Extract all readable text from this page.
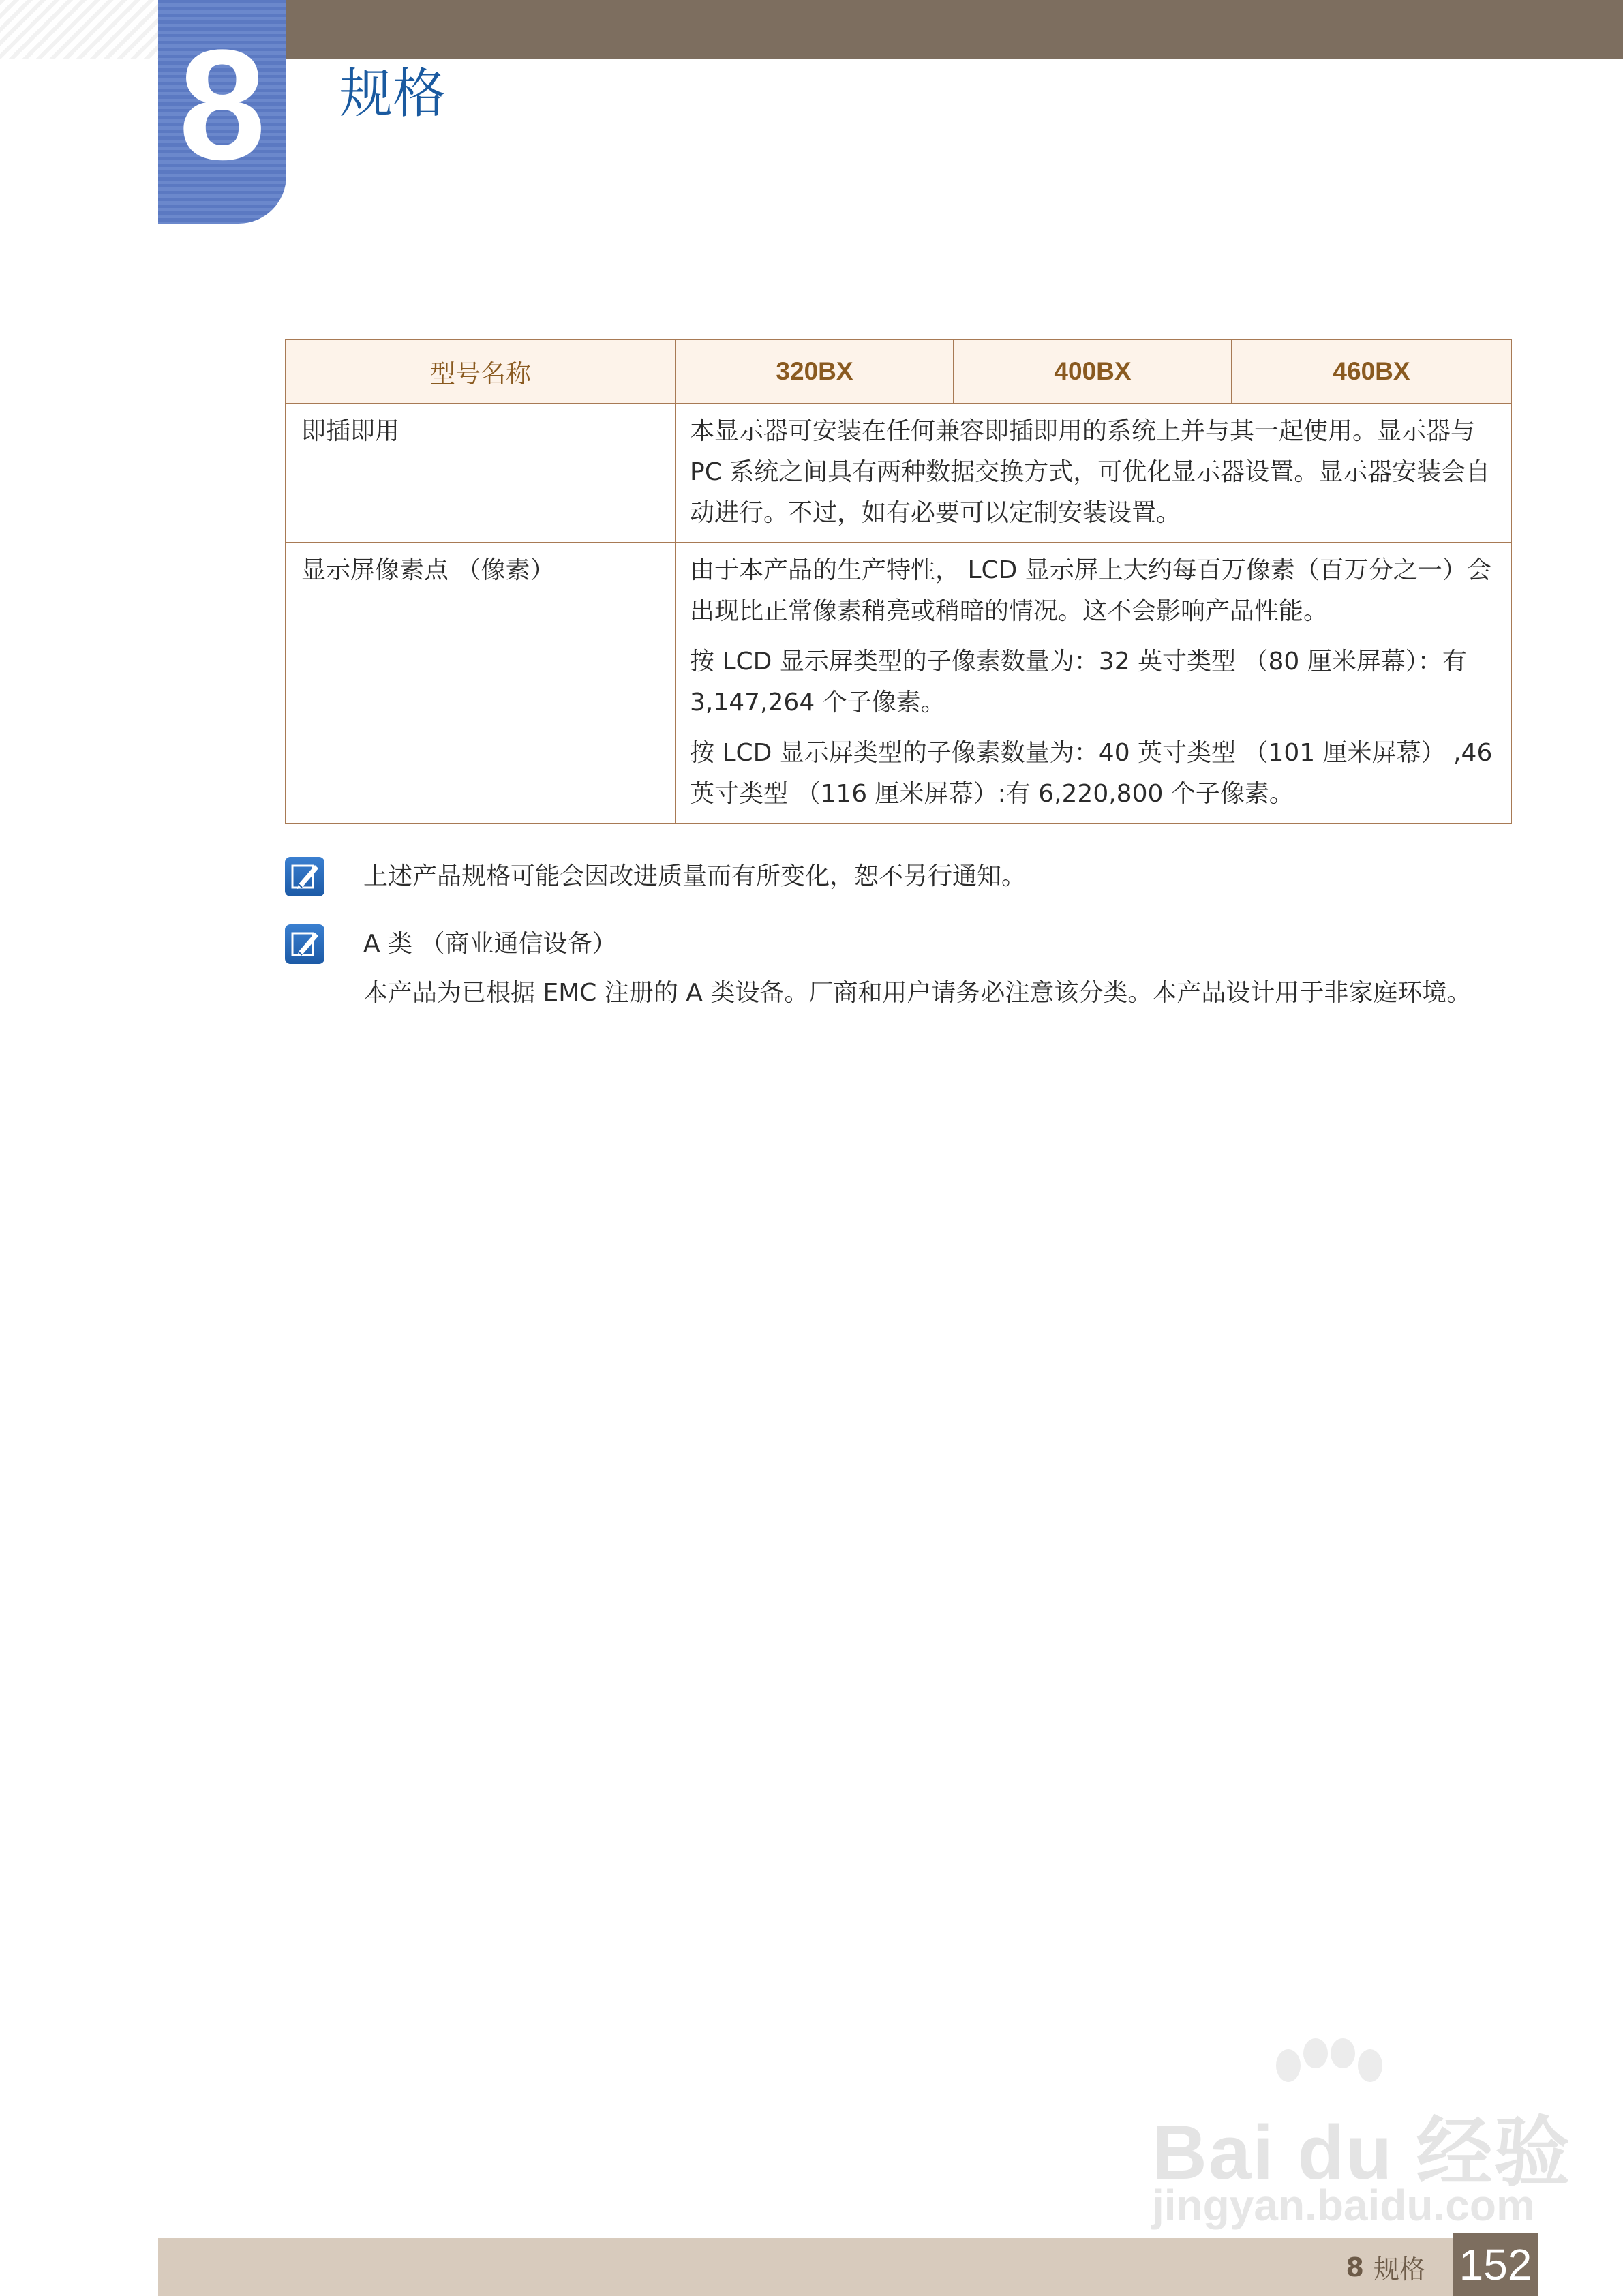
8 规格
型号名称	320BX	400BX	460BX
即插即用	本显示器可安装在任何兼容即插即用的系统上并与其一起使用。显示器与 PC 系统之间具有两种数据交换方式，可优化显示器设置。显示器安装会自动进行。不过，如有必要可以定制安装设置。		

显示屏像素点 （像素）	由于本产品的生产特性， LCD 显示屏上大约每百万像素（百万分之一）会出现比正常像素稍亮或稍暗的情况。这不会影响产品性能。

按 LCD 显示屏类型的子像素数量为：32 英寸类型 （80 厘米屏幕）：有 3,147,264 个子像素。

按 LCD 显示屏类型的子像素数量为：40 英寸类型 （101 厘米屏幕） ,46 英寸类型 （116 厘米屏幕）:有 6,220,800 个子像素。		

上述产品规格可能会因改进质量而有所变化，恕不另行通知。

A 类 （商业通信设备）

本产品为已根据 EMC 注册的 A 类设备。厂商和用户请务必注意该分类。本产品设计用于非家庭环境。

Bai du 经验
jingyan.baidu.com
8 规格 152
